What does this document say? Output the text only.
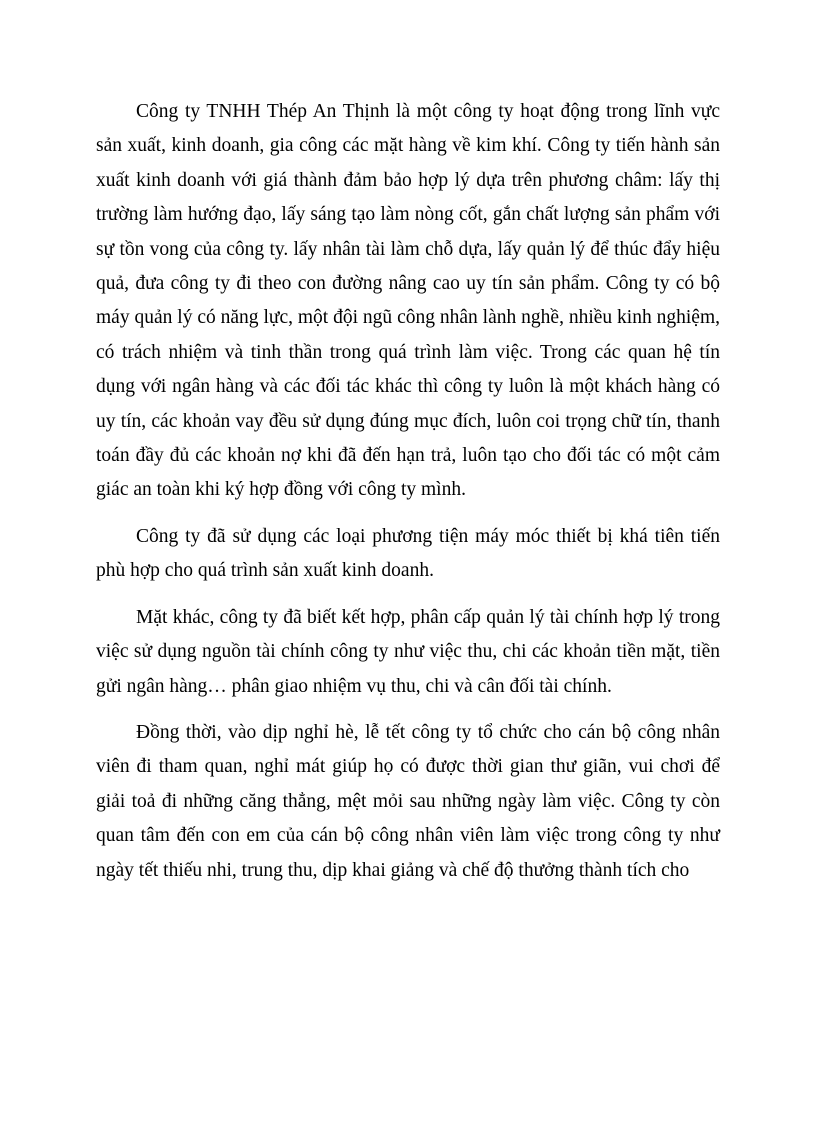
Công ty TNHH Thép An Thịnh là một công ty hoạt động trong lĩnh vực sản xuất, kinh doanh, gia công các mặt hàng về kim khí. Công ty tiến hành sản xuất kinh doanh với giá thành đảm bảo hợp lý dựa trên phương châm: lấy thị trường làm hướng đạo, lấy sáng tạo làm nòng cốt, gắn chất lượng sản phẩm với sự tồn vong của công ty. lấy nhân tài làm chỗ dựa, lấy quản lý để thúc đẩy hiệu quả, đưa công ty đi theo con đường nâng cao uy tín sản phẩm. Công ty có bộ máy quản lý có năng lực, một đội ngũ công nhân lành nghề, nhiều kinh nghiệm, có trách nhiệm và tinh thần trong quá trình làm việc. Trong các quan hệ tín dụng với ngân hàng và các đối tác khác thì công ty luôn là một khách hàng có uy tín, các khoản vay đều sử dụng đúng mục đích, luôn coi trọng chữ tín, thanh toán đầy đủ các khoản nợ khi đã đến hạn trả, luôn tạo cho đối tác có một cảm giác an toàn khi ký hợp đồng với công ty mình.

Công ty đã sử dụng các loại phương tiện máy móc thiết bị khá tiên tiến phù hợp cho quá trình sản xuất kinh doanh.

Mặt khác, công ty đã biết kết hợp, phân cấp quản lý tài chính hợp lý trong việc sử dụng nguồn tài chính công ty như việc thu, chi các khoản tiền mặt, tiền gửi ngân hàng… phân giao nhiệm vụ thu, chi và cân đối tài chính.

Đồng thời, vào dịp nghỉ hè, lễ tết công ty tổ chức cho cán bộ công nhân viên đi tham quan, nghỉ mát giúp họ có được thời gian thư giãn, vui chơi để giải toả đi những căng thẳng, mệt mỏi sau những ngày làm việc. Công ty còn quan tâm đến con em của cán bộ công nhân viên làm việc trong công ty như ngày tết thiếu nhi, trung thu, dịp khai giảng và chế độ thưởng thành tích cho
